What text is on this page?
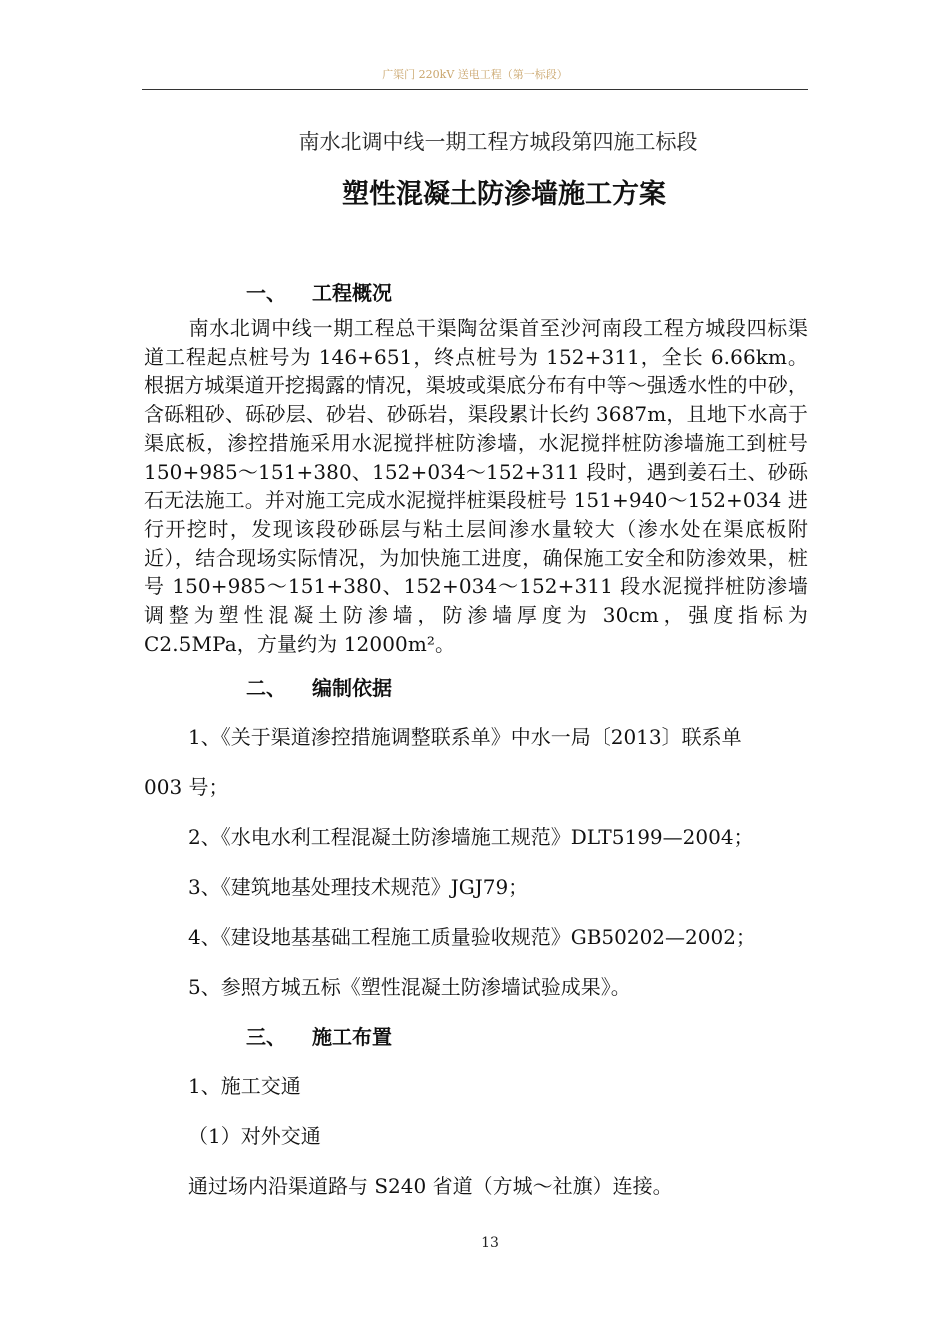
广渠门 220kV 送电工程（第一标段）
南水北调中线一期工程方城段第四施工标段
塑性混凝土防渗墙施工方案
一、 工程概况
南水北调中线一期工程总干渠陶岔渠首至沙河南段工程方城段四标渠道工程起点桩号为 146+651，终点桩号为 152+311，全长 6.66km。根据方城渠道开挖揭露的情况，渠坡或渠底分布有中等～强透水性的中砂，含砾粗砂、砾砂层、砂岩、砂砾岩，渠段累计长约 3687m，且地下水高于渠底板，渗控措施采用水泥搅拌桩防渗墙，水泥搅拌桩防渗墙施工到桩号 150+985～151+380、152+034～152+311 段时，遇到姜石土、砂砾石无法施工。并对施工完成水泥搅拌桩渠段桩号 151+940～152+034 进行开挖时，发现该段砂砾层与粘土层间渗水量较大（渗水处在渠底板附近），结合现场实际情况，为加快施工进度，确保施工安全和防渗效果，桩号 150+985～151+380、152+034～152+311 段水泥搅拌桩防渗墙调整为塑性混凝土防渗墙，防渗墙厚度为 30cm，强度指标为 C2.5MPa，方量约为 12000m²。
二、 编制依据
1、《关于渠道渗控措施调整联系单》中水一局〔2013〕联系单
003 号；
2、《水电水利工程混凝土防渗墙施工规范》DLT5199—2004；
3、《建筑地基处理技术规范》JGJ79；
4、《建设地基基础工程施工质量验收规范》GB50202—2002；
5、参照方城五标《塑性混凝土防渗墙试验成果》。
三、 施工布置
1、施工交通
（1）对外交通
通过场内沿渠道路与 S240 省道（方城～社旗）连接。
13
